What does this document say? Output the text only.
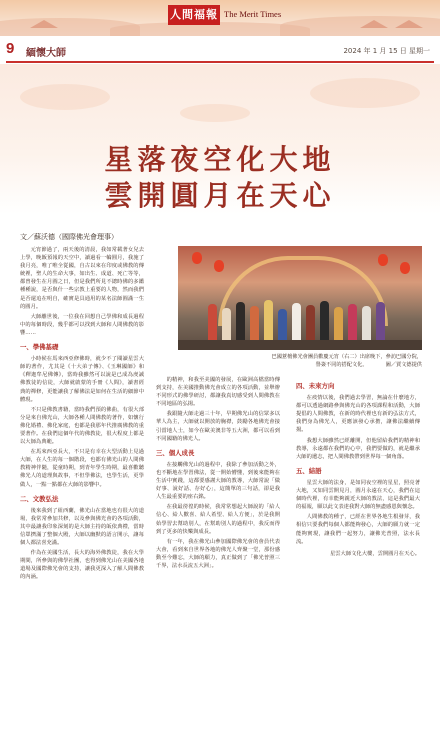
人間福報 The Merit Times
9 緬懷大師	2024 年 1 月 15 日 星期一
星落夜空化大地
雲開圓月在天心
文／蘇沃德（國際佛光會理事）

元宵節過了，兩天後的清晨，我如常載著女兒去上學，晚飯預報的天空中，讀過看一輪圓月，我施了我月亮，唯了唯全從國，自古以來在印度或佛教的傳統裡，聖人的生命大事，如出生、成道、死亡等等，都曾發生在月圓之日，但是我們所見不總時佛的多鑑種種說，是否與什一些宗教上重要的人物，然而我們是否還追在明自，確實是具通用的某名法師圓滿一生的圓月。

大師離世後，一位我在回想自己學佛和成長過程中的每個時段，幾乎都可以找到大師和人間佛教的影響……

一、學佛基礎

小時候在馬來西亞修佛時，就少不了閱讀星雲大師的著作，尤其是《十大弟子傳》、《玉琳國師》和《釋迦牟尼佛傳》，當時我雖然可以說是已成為虔誠佛教徒的信徒，大師就啟蒙的手冊《人間》，讀書經典的禪修，更能讓我了解佛法是如何在生活的細節中體現。

不只是佛教書籍，當時我們預的佛曲，有很大部分是來自佛光山，大師各種人間佛教的著作，如懷行佛化婚禮、佛化家庭，也都是我那年代推廣佛教的重要著作。在我們這個年代的佛教徒，很大程度上都是以大師為典範。

在馬來西亞長大，不只是有幸在大型活動上見過大師，在人生的每一個階段，也都有佛光山的人間佛教精神伴隨，從童時期，到青年學生時期，最喜歡聽佛光人的道理與故事，不但學佛法，也學生活，更學做人，一點一點都在大師的影響中。

二、文教弘法

後來我到了紐西蘭，佛光山在當地也有很大的道場，我常常參加共修，以及參與佛光會的各項活動，其中最讓我印象深刻的是大師主持的皈依典禮，當時信眾擠滿了整個大殿，大師以幽默的語言開示，讓每個人都法喜充滿。

作為在美國生活，長大的海外佛教徒，我在大學期間，所參與的佛學社團，也得到佛光山在美國各地道場及國際佛光會的支持，讓我更深入了解人間佛教的內涵。

巴國薏檀佛光會團員歡慶元宵（右二）出席晚下，參訪巴國分院，
譽簽不同的搭配文化。　　　　圖／賈文德提供

的精神，和我至美國的發展，在歐洲高檔當時傳到支持，在美國推動佛光會成立的各項活動，並舉辦不同形式的佛學研討，都讓我真切感受到人間佛教在不同地區的弘揚。

我跟隨大師走過三十年，早期佛光山的信眾多以華人為主，大師就以開放的胸襟，鼓勵各地佛光會接引當地人士，如今在歐美澳非等五大洲，都可以看到不同國籍的佛光人。

三、個人成長

在接觸佛光山的過程中，我除了參加活動之外，也不斷地在學習佛法，從一開始懵懂，到後來能夠在生活中實踐，這都要感謝大師的教導，大師常說「做好事、說好話、存好心」，這簡單的三句話，卻是我人生最重要的座右銘。

在我最徬徨的時候，我常常想起大師說的「給人信心、給人歡喜、給人希望、給人方便」，於是我開始學習去幫助別人，在幫助別人的過程中，我反而得到了更多的快樂與成長。

有一年，我在佛光山參加國際佛光會的會員代表大會，看到來自世界各地的佛光人齊聚一堂，那份感動至今難忘，大師的願力，真正做到了「佛光普照三千界，法水長流五大洲」。

四、未來方向

在疫情以後，我們過去學習，無論在什麼地方，都可以透過網路參與佛光山的各項課程和活動，大師提倡的人間佛教，在新的時代裡也有新的弘法方式，我們身為佛光人，更應該發心承擔，讓佛法繼續傳揚。

我想大師雖然已經離開，但他留給我們的精神和教導，永遠都在我們的心中，我們要做的，就是繼承大師的遺志，把人間佛教帶到世界每一個角落。

五、結語

星雲大師的法身，是如同夜空裡的星星，照亮著大地，又如同雲開見月，圓月永遠在天心，我們在這個時代裡，有幸能夠親近大師的教法，這是我們最大的福報，願以此文表達我對大師的無盡感恩與懷念。

人間佛教的種子，已經在世界各地生根發芽，我相信只要我們每個人都能夠發心，大師的願力就一定能夠實現，讓我們一起努力，讓佛光普照，法水長流。

星雲大師文化大樓，雲開圓月在天心。
